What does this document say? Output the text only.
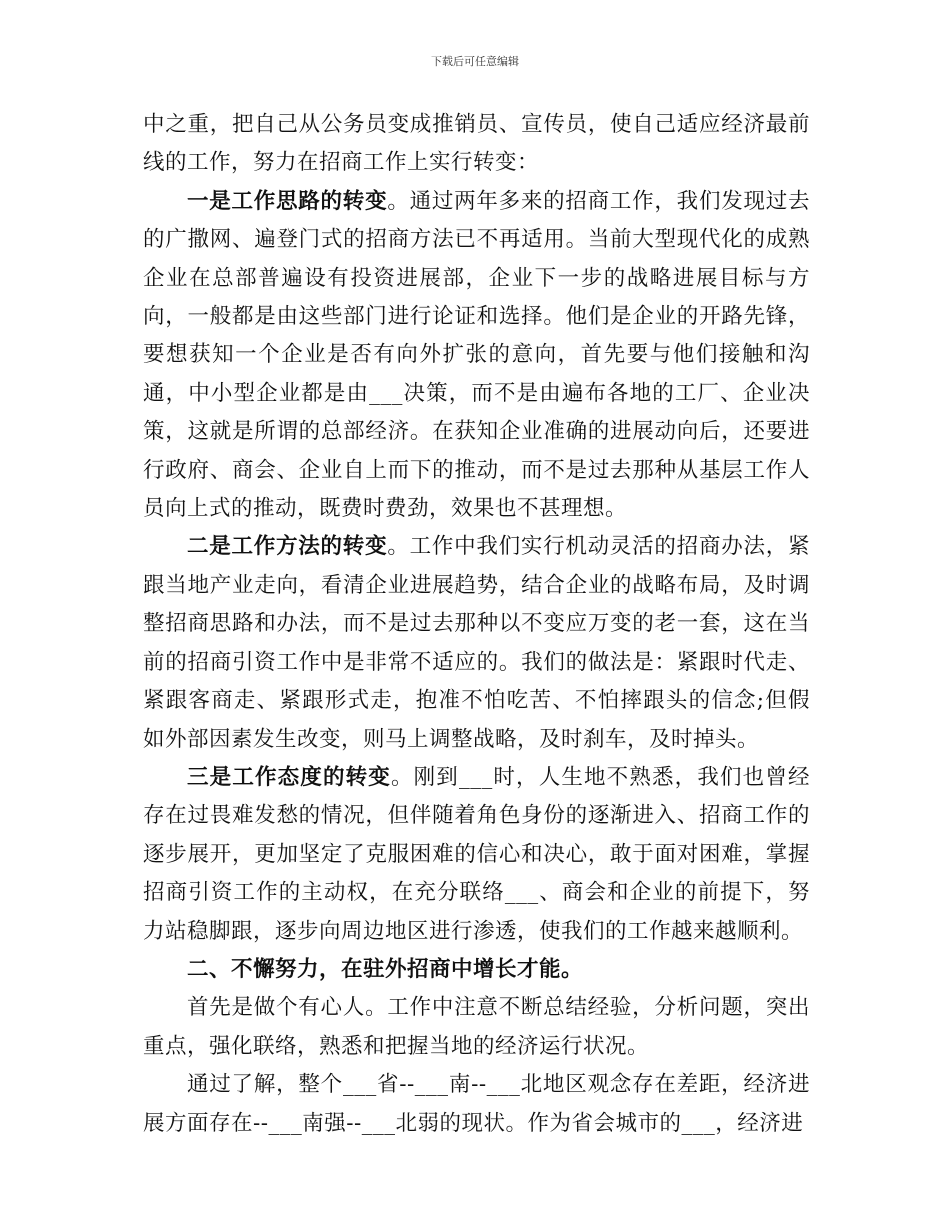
下载后可任意编辑

中之重，把自己从公务员变成推销员、宣传员，使自己适应经济最前线的工作，努力在招商工作上实行转变：

一是工作思路的转变。通过两年多来的招商工作，我们发现过去的广撒网、遍登门式的招商方法已不再适用。当前大型现代化的成熟企业在总部普遍设有投资进展部，企业下一步的战略进展目标与方向，一般都是由这些部门进行论证和选择。他们是企业的开路先锋，要想获知一个企业是否有向外扩张的意向，首先要与他们接触和沟通，中小型企业都是由___决策，而不是由遍布各地的工厂、企业决策，这就是所谓的总部经济。在获知企业准确的进展动向后，还要进行政府、商会、企业自上而下的推动，而不是过去那种从基层工作人员向上式的推动，既费时费劲，效果也不甚理想。

二是工作方法的转变。工作中我们实行机动灵活的招商办法，紧跟当地产业走向，看清企业进展趋势，结合企业的战略布局，及时调整招商思路和办法，而不是过去那种以不变应万变的老一套，这在当前的招商引资工作中是非常不适应的。我们的做法是：紧跟时代走、紧跟客商走、紧跟形式走，抱准不怕吃苦、不怕摔跟头的信念;但假如外部因素发生改变，则马上调整战略，及时刹车，及时掉头。

三是工作态度的转变。刚到___时，人生地不熟悉，我们也曾经存在过畏难发愁的情况，但伴随着角色身份的逐渐进入、招商工作的逐步展开，更加坚定了克服困难的信心和决心，敢于面对困难，掌握招商引资工作的主动权，在充分联络___、商会和企业的前提下，努力站稳脚跟，逐步向周边地区进行渗透，使我们的工作越来越顺利。

二、不懈努力，在驻外招商中增长才能。

首先是做个有心人。工作中注意不断总结经验，分析问题，突出重点，强化联络，熟悉和把握当地的经济运行状况。

通过了解，整个___省--___南--___北地区观念存在差距，经济进展方面存在--___南强--___北弱的现状。作为省会城市的___，经济进
